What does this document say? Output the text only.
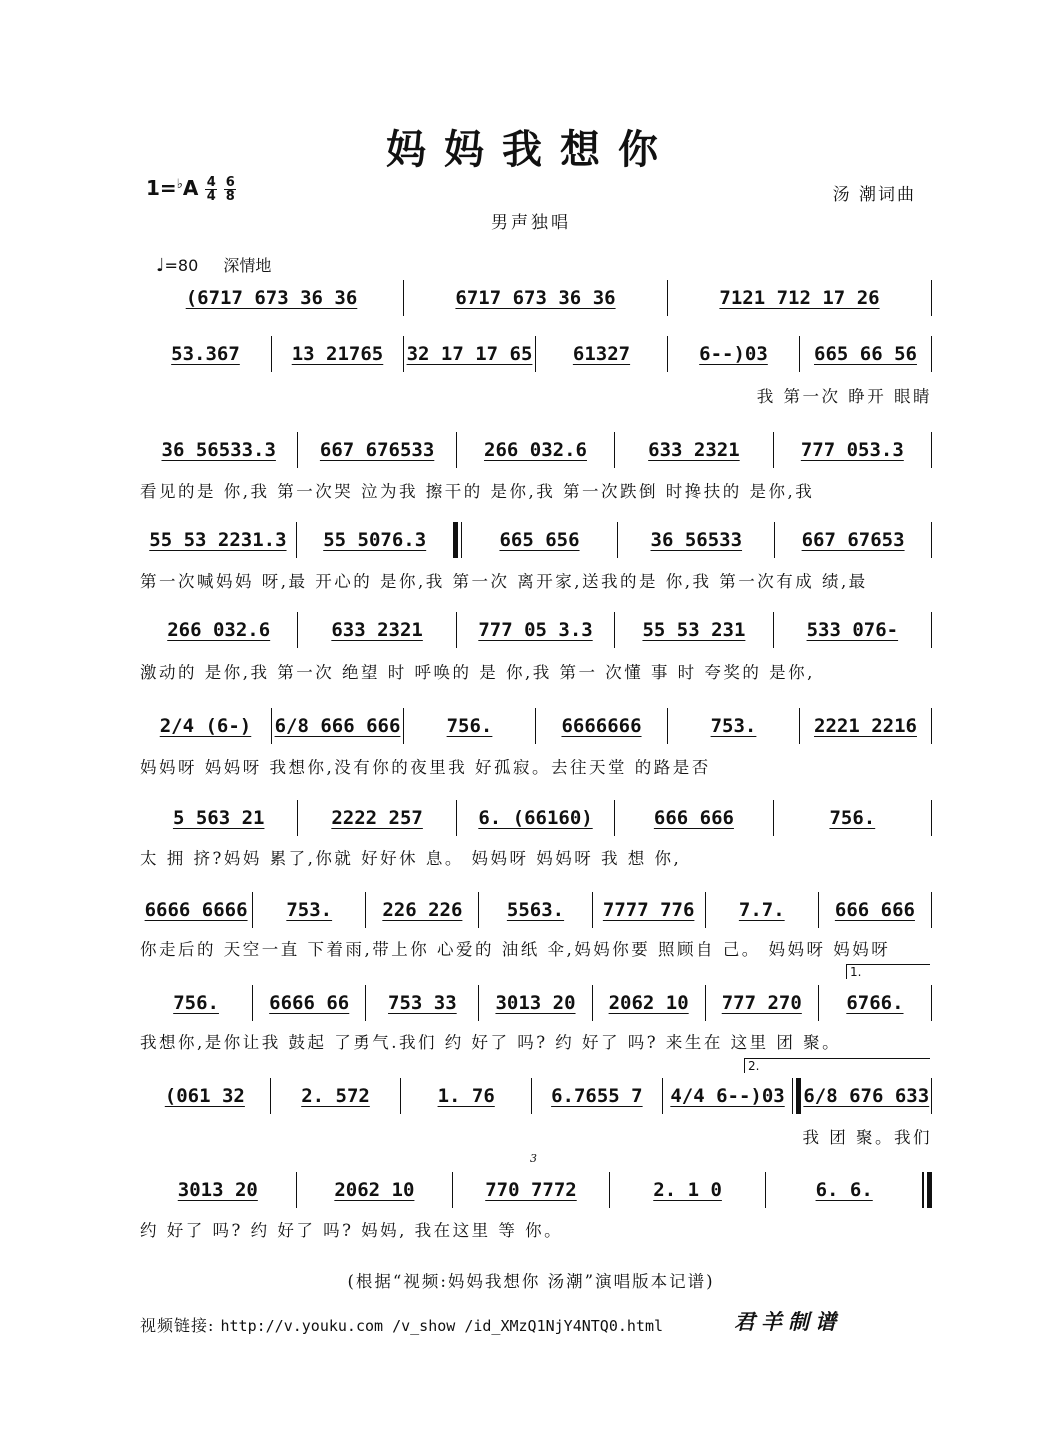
妈妈我想你
$1=^♭A \frac{4}{4}$
$\frac{6}{8}$	汤 潮词曲
男声独唱
♩=80 深情地
(6717 673 36 36	6717 673 36 36	7121 712 17 26
53.367	13 21765	32 17 17 65	61327	6--)03	665 66 56
我 第一次 睁开 眼睛
36 56533.3	667 676533	266 032.6	633 2321	777 053.3
看见的是 你,我 第一次哭 泣为我 擦干的 是你,我 第一次跌倒 时搀扶的 是你,我
55 53 2231.3	55 5076.3	665 656	36 56533	667 67653
第一次喊妈妈 呀,最 开心的 是你,我 第一次 离开家,送我的是 你,我 第一次有成 绩,最
266 032.6	633 2321	777 05 3.3	55 53 231	533 076-
激动的 是你,我 第一次 绝望 时 呼唤的 是 你,我 第一 次懂 事 时 夸奖的 是你,
2/4 (6-)	6/8 666 666	756.	6666666	753.	2221 2216
妈妈呀 妈妈呀 我想你,没有你的夜里我 好孤寂。去往天堂 的路是否
5 563 21	2222 257	6. (66160)	666 666	756.
太 拥 挤?妈妈 累了,你就 好好休 息。 妈妈呀 妈妈呀 我 想 你,
6666 6666	753.	226 226	5563.	7777 776	7.7.	666 666
你走后的 天空一直 下着雨,带上你 心爱的 油纸 伞,妈妈你要 照顾自 己。 妈妈呀 妈妈呀
756.	6666 66	753 33	3013 20	2062 10	777 270	6766.
我想你,是你让我 鼓起 了勇气.我们 约 好了 吗? 约 好了 吗? 来生在 这里 团 聚。
(061 32	2. 572	1. 76	6.7655 7	4/4 6--)03 6/8 676 633
我 团 聚。我们
3013 20	2062 10	770 7772	2. 1 0	6. 6.
约 好了 吗? 约 好了 吗? 妈妈, 我在这里 等 你。
1.
2.
3
(根据“视频:妈妈我想你 汤潮”演唱版本记谱)
视频链接: http://v.youku.com /v_show /id_XMzQ1NjY4NTQ0.html	君羊制谱
